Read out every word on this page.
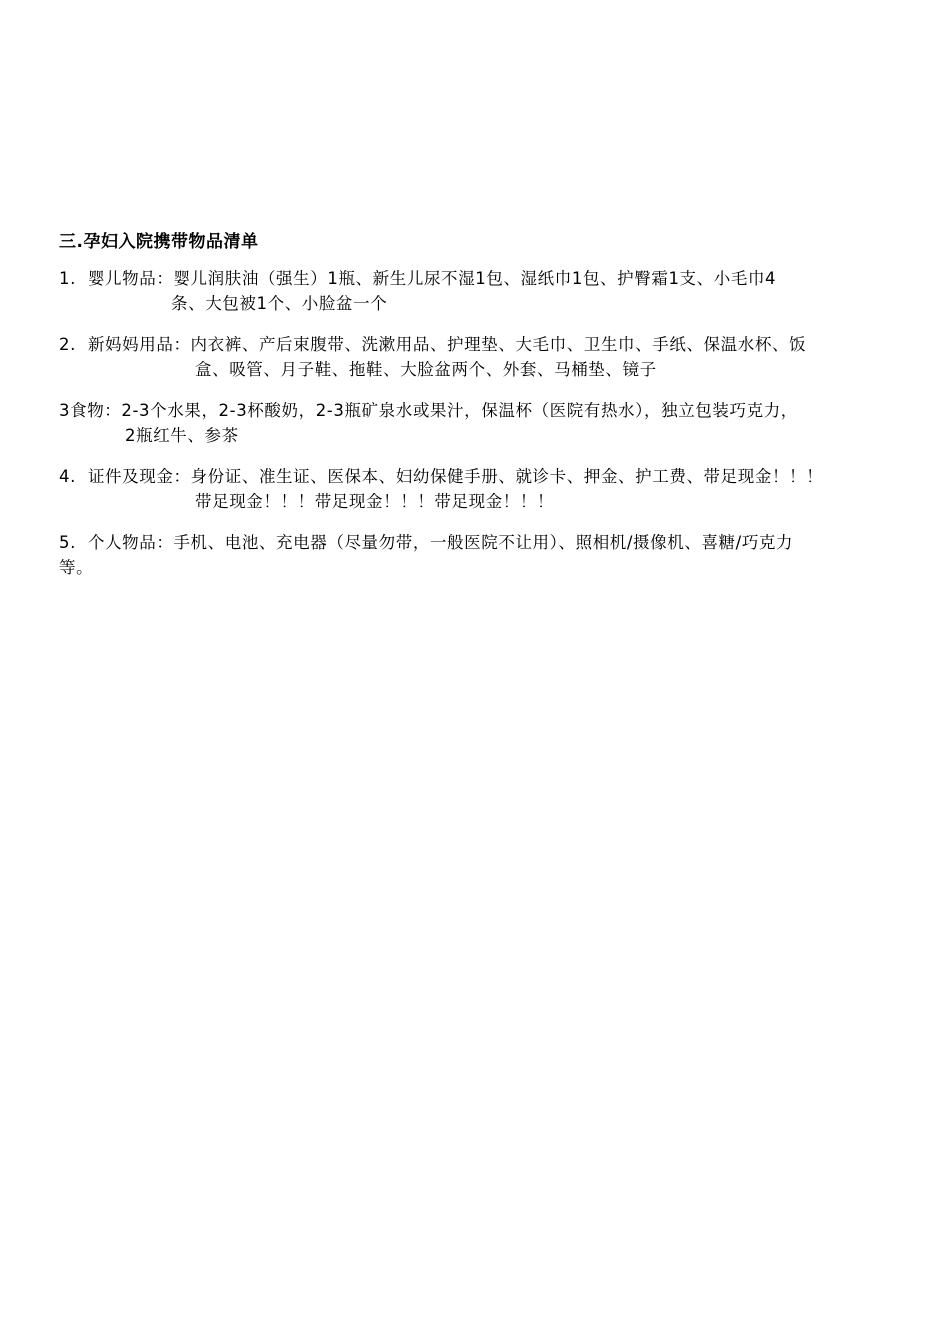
三.孕妇入院携带物品清单
1. 婴儿物品：婴儿润肤油（强生）1瓶、新生儿尿不湿1包、湿纸巾1包、护臀霜1支、小毛巾4
条、大包被1个、小脸盆一个
2. 新妈妈用品：内衣裤、产后束腹带、洗漱用品、护理垫、大毛巾、卫生巾、手纸、保温水杯、饭
盒、吸管、月子鞋、拖鞋、大脸盆两个、外套、马桶垫、镜子
3食物：2-3个水果，2-3杯酸奶，2-3瓶矿泉水或果汁，保温杯（医院有热水），独立包装巧克力，
2瓶红牛、参茶
4. 证件及现金：身份证、准生证、医保本、妇幼保健手册、就诊卡、押金、护工费、带足现金！！！
带足现金！！！带足现金！！！带足现金！！！
5. 个人物品：手机、电池、充电器（尽量勿带，一般医院不让用）、照相机/摄像机、喜糖/巧克力
等。
